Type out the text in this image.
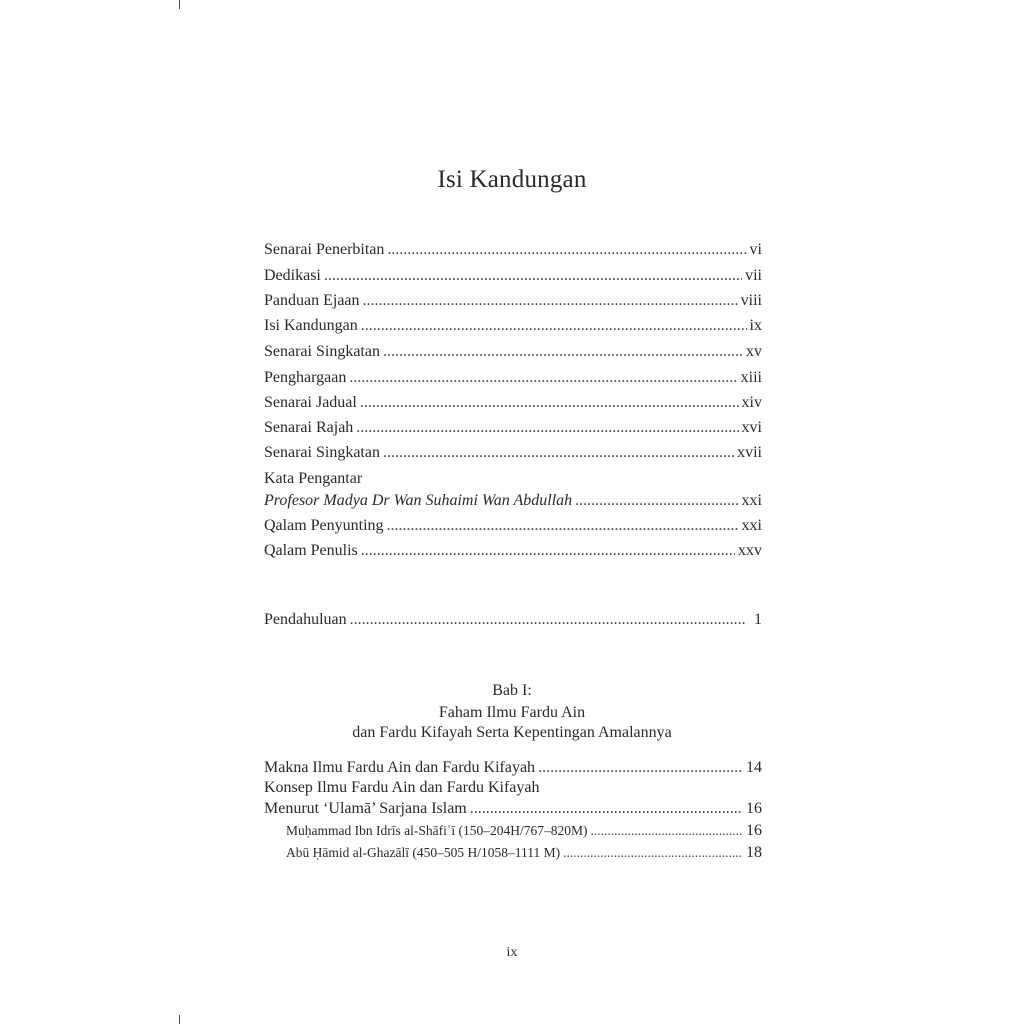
Isi Kandungan
Senarai Penerbitan .....	vi
Dedikasi .....	vii
Panduan Ejaan .....	viii
Isi Kandungan .....	ix
Senarai Singkatan .....	xv
Penghargaan .....	xiii
Senarai Jadual .....	xiv
Senarai Rajah .....	xvi
Senarai Singkatan .....	xvii
Kata Pengantar
Profesor Madya Dr Wan Suhaimi Wan Abdullah .....	xxi
Qalam Penyunting .....	xxi
Qalam Penulis .....	xxv
Pendahuluan .....	1
Makna Ilmu Fardu Ain dan Fardu Kifayah .....	14
Konsep Ilmu Fardu Ain dan Fardu Kifayah
Menurut ‘Ulamā’ Sarjana Islam .....	16
Muḥammad Ibn Idrīs al-Shāfiʿī (150–204H/767–820M) .....	16
Abū Ḥāmid al-Ghazālī (450–505 H/1058–1111 M) .....	18
Bab I:
Faham Ilmu Fardu Ain
dan Fardu Kifayah Serta Kepentingan Amalannya
ix
